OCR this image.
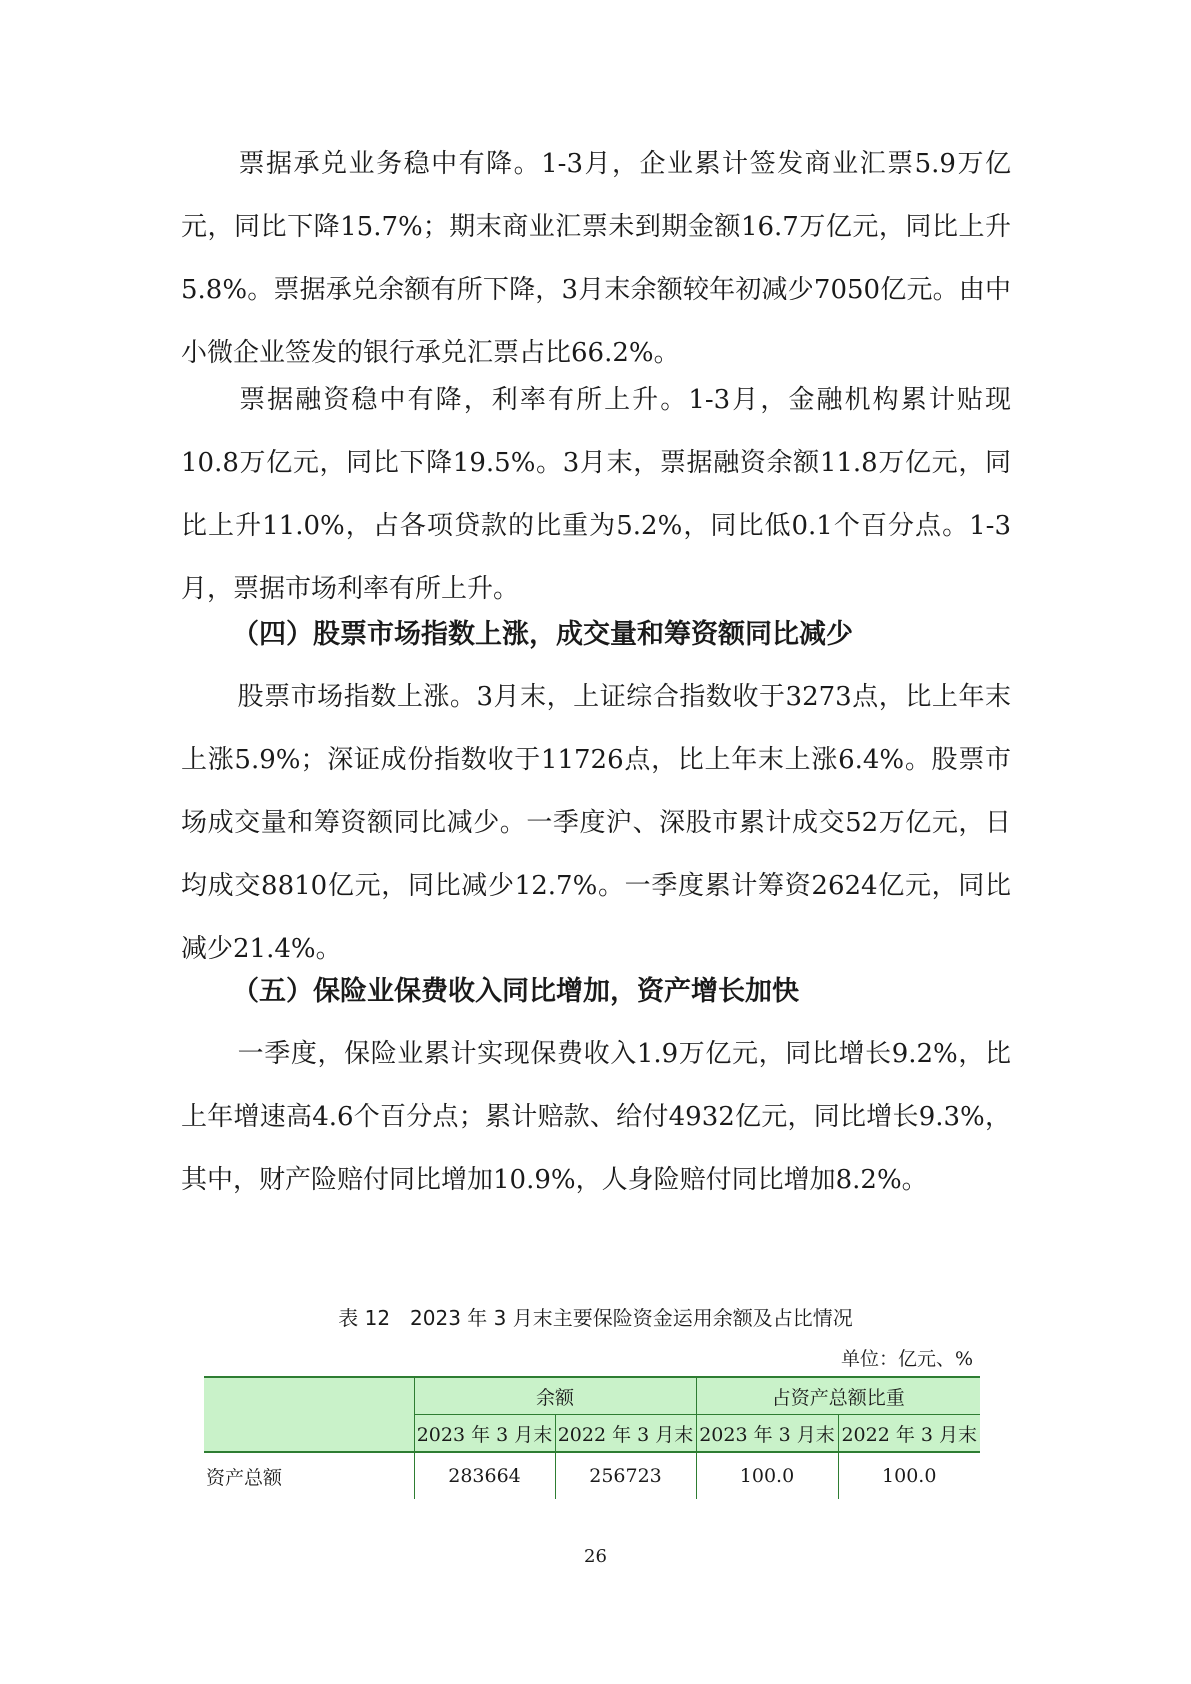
票据承兑业务稳中有降。1-3月，企业累计签发商业汇票5.9万亿元，同比下降15.7%；期末商业汇票未到期金额16.7万亿元，同比上升5.8%。票据承兑余额有所下降，3月末余额较年初减少7050亿元。由中小微企业签发的银行承兑汇票占比66.2%。

票据融资稳中有降，利率有所上升。1-3月，金融机构累计贴现10.8万亿元，同比下降19.5%。3月末，票据融资余额11.8万亿元，同比上升11.0%，占各项贷款的比重为5.2%，同比低0.1个百分点。1-3月，票据市场利率有所上升。

（四）股票市场指数上涨，成交量和筹资额同比减少

股票市场指数上涨。3月末，上证综合指数收于3273点，比上年末上涨5.9%；深证成份指数收于11726点，比上年末上涨6.4%。股票市场成交量和筹资额同比减少。一季度沪、深股市累计成交52万亿元，日均成交8810亿元，同比减少12.7%。一季度累计筹资2624亿元，同比减少21.4%。

（五）保险业保费收入同比增加，资产增长加快

一季度，保险业累计实现保费收入1.9万亿元，同比增长9.2%，比上年增速高4.6个百分点；累计赔款、给付4932亿元，同比增长9.3%，其中，财产险赔付同比增加10.9%，人身险赔付同比增加8.2%。

表 12　2023 年 3 月末主要保险资金运用余额及占比情况

单位：亿元、%

	余额		占资产总额比重	
	2023 年 3 月末	2022 年 3 月末	2023 年 3 月末	2022 年 3 月末
资产总额	283664	256723	100.0	100.0

26
